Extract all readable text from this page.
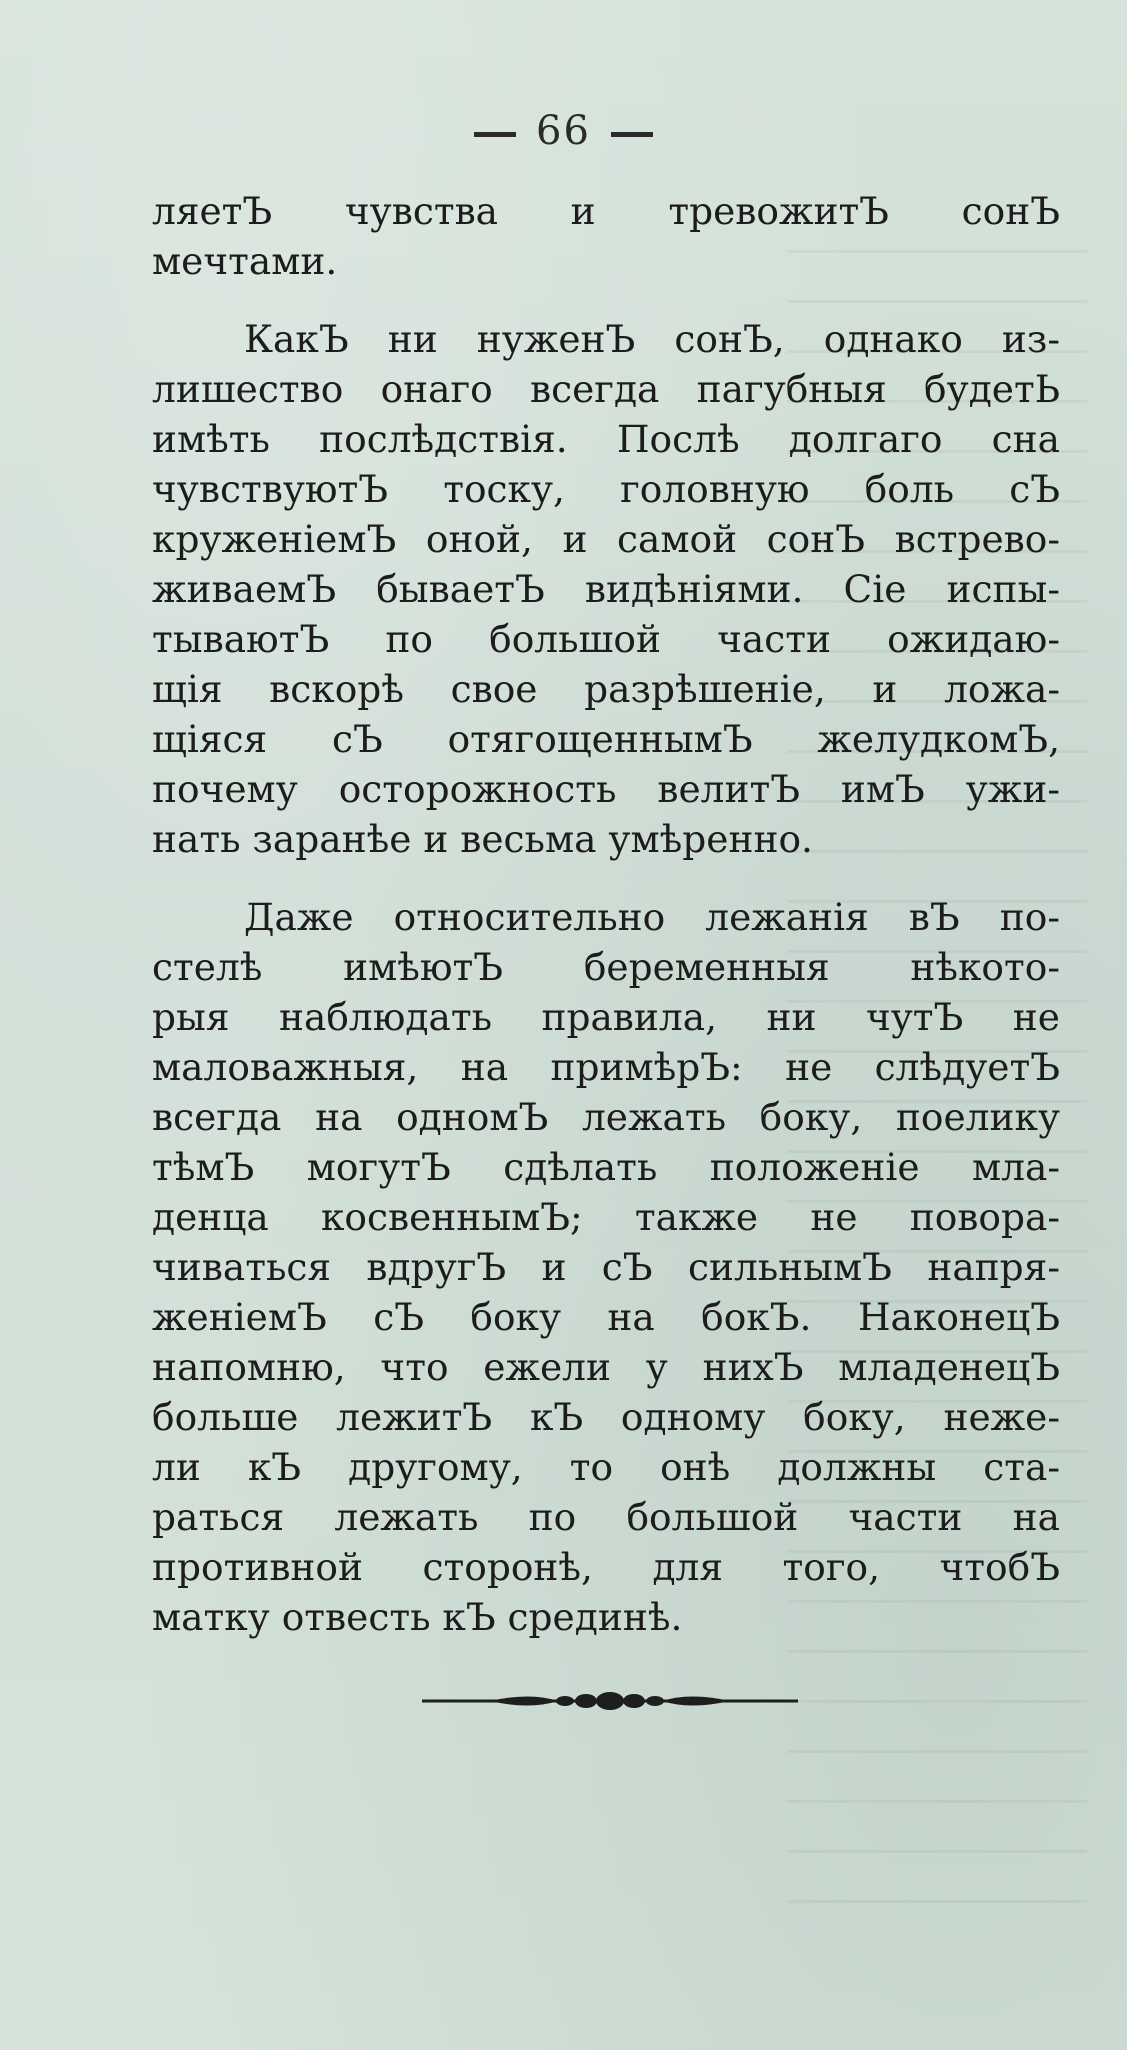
66
ляетЪ чувства и тревожитЪ сонЪ
мечтами.
КакЪ ни нуженЪ сонЪ, однако из-
лишество онаго всегда пагубныя будетЬ
имѣть послѣдствія. Послѣ долгаго сна
чувствуютЪ тоску, головную боль сЪ
круженіемЪ оной, и самой сонЪ встрево-
живаемЪ бываетЪ видѣніями. Сіе испы-
тываютЪ по большой части ожидаю-
щія вскорѣ свое разрѣшеніе, и ложа-
щіяся сЪ отягощеннымЪ желудкомЪ,
почему осторожность велитЪ имЪ ужи-
нать заранѣе и весьма умѣренно.
Даже относительно лежанія вЪ по-
стелѣ имѣютЪ беременныя нѣкото-
рыя наблюдать правила, ни чутЪ не
маловажныя, на примѣрЪ: не слѣдуетЪ
всегда на одномЪ лежать боку, поелику
тѣмЪ могутЪ сдѣлать положеніе мла-
денца косвеннымЪ; также не повора-
чиваться вдругЪ и сЪ сильнымЪ напря-
женіемЪ сЪ боку на бокЪ. НаконецЪ
напомню, что ежели у нихЪ младенецЪ
больше лежитЪ кЪ одному боку, неже-
ли кЪ другому, то онѣ должны ста-
раться лежать по большой части на
противной сторонѣ, для того, чтобЪ
матку отвесть кЪ срединѣ.
